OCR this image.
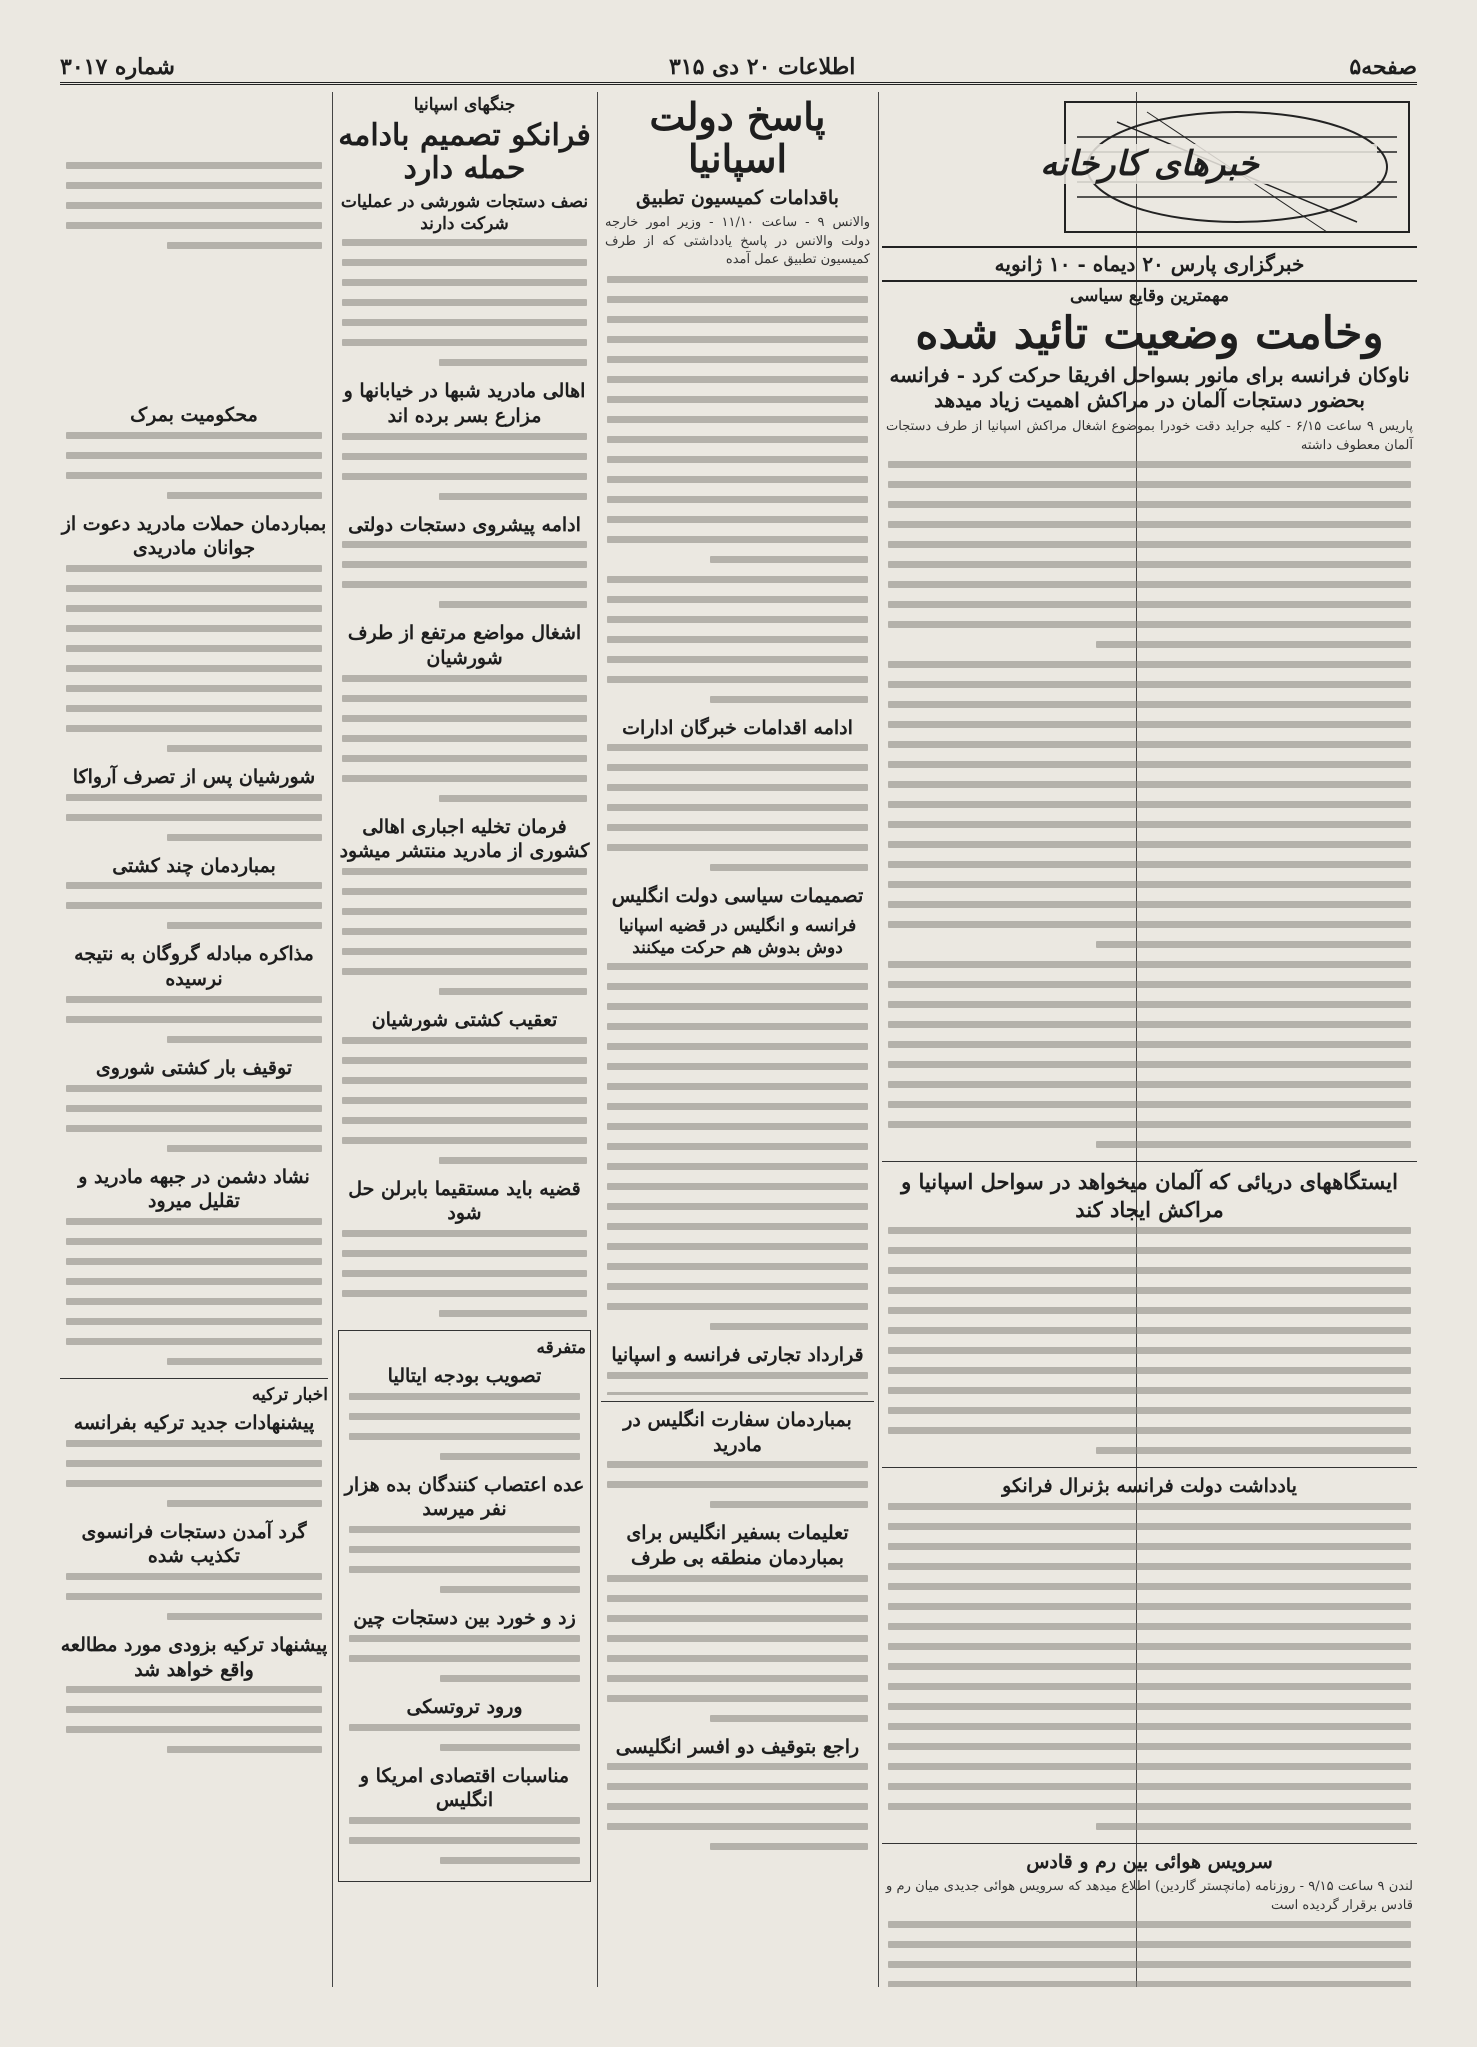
صفحه۵
اطلاعات ۲۰ دی ۳۱۵
شماره ۳۰۱۷
خبرهای کارخانه
خبرگزاری پارس ۲۰ دیماه - ۱۰ ژانویه
مهمترین وقایع سیاسی
وخامت وضعیت تائید شده
ناو‌کان فرانسه برای مانور بسواحل افریقا حرکت کرد - فرانسه بحضور دستجات آلمان در مراکش اهمیت زیاد میدهد
پاریس ۹ ساعت ۶/۱۵ - کلیه جراید دقت خودرا بموضوع اشغال مراکش اسپانیا از طرف دستجات آلمان معطوف داشته
ایستگاههای دریائی که آلمان میخواهد در سواحل اسپانیا و مراکش ایجاد کند
یادداشت دولت فرانسه بژنرال فرانکو
سرویس هوائی بین رم و قادس
لندن ۹ ساعت ۹/۱۵ - روزنامه (مانچستر گاردین) اطلاع میدهد که سرویس هوائی جدیدی میان رم و قادس برقرار گردیده است
پاسخ دولت اسپانیا
باقدامات کمیسیون تطبیق
والانس ۹ - ساعت ۱۱/۱۰ - وزیر امور خارجه دولت والانس در پاسخ یادداشتی که از طرف کمیسیون تطبیق عمل آمده
ادامه اقدامات خبرگان ادارات
تصمیمات سیاسی دولت انگلیس
فرانسه و انگلیس در قضیه اسپانیا دوش بدوش هم حرکت میکنند
قرارداد تجارتی فرانسه و اسپانیا
جنگهای اسپانیا
فرانکو تصمیم بادامه حمله دارد
نصف دستجات شورشی در عملیات شرکت دارند
اهالی مادرید شبها در خیابانها و مزارع بسر برده اند
ادامه پیشروی دستجات دولتی
اشغال مواضع مرتفع از طرف شورشیان
فرمان تخلیه اجباری اهالی کشوری از مادرید منتشر میشود
تعقیب کشتی شورشیان
قضیه باید مستقیما بابرلن حل شود
متفرقه
تصویب بودجه ایتالیا
عده اعتصاب کنندگان بده هزار نفر میرسد
زد و خورد بین دستجات چین
ورود تروتسکی
مناسبات اقتصادی امریکا و انگلیس
محکومیت بمرک
بمباردمان حملات مادرید دعوت از جوانان مادریدی
شورشیان پس از تصرف آرواکا
بمباردمان چند کشتی
مذاکره مبادله گروگان به نتیجه نرسیده
توقیف بار کشتی شوروی
نشاد دشمن در جبهه مادرید و تقلیل میرود
اخبار ترکیه
پیشنهادات جدید ترکیه بفرانسه
گرد آمدن دستجات فرانسوی تکذیب شده
پیشنهاد ترکیه بزودی مورد مطالعه واقع خواهد شد
بمباردمان سفارت انگلیس در مادرید
تعلیمات بسفیر انگلیس برای بمباردمان منطقه بی طرف
راجع بتوقیف دو افسر انگلیسی
